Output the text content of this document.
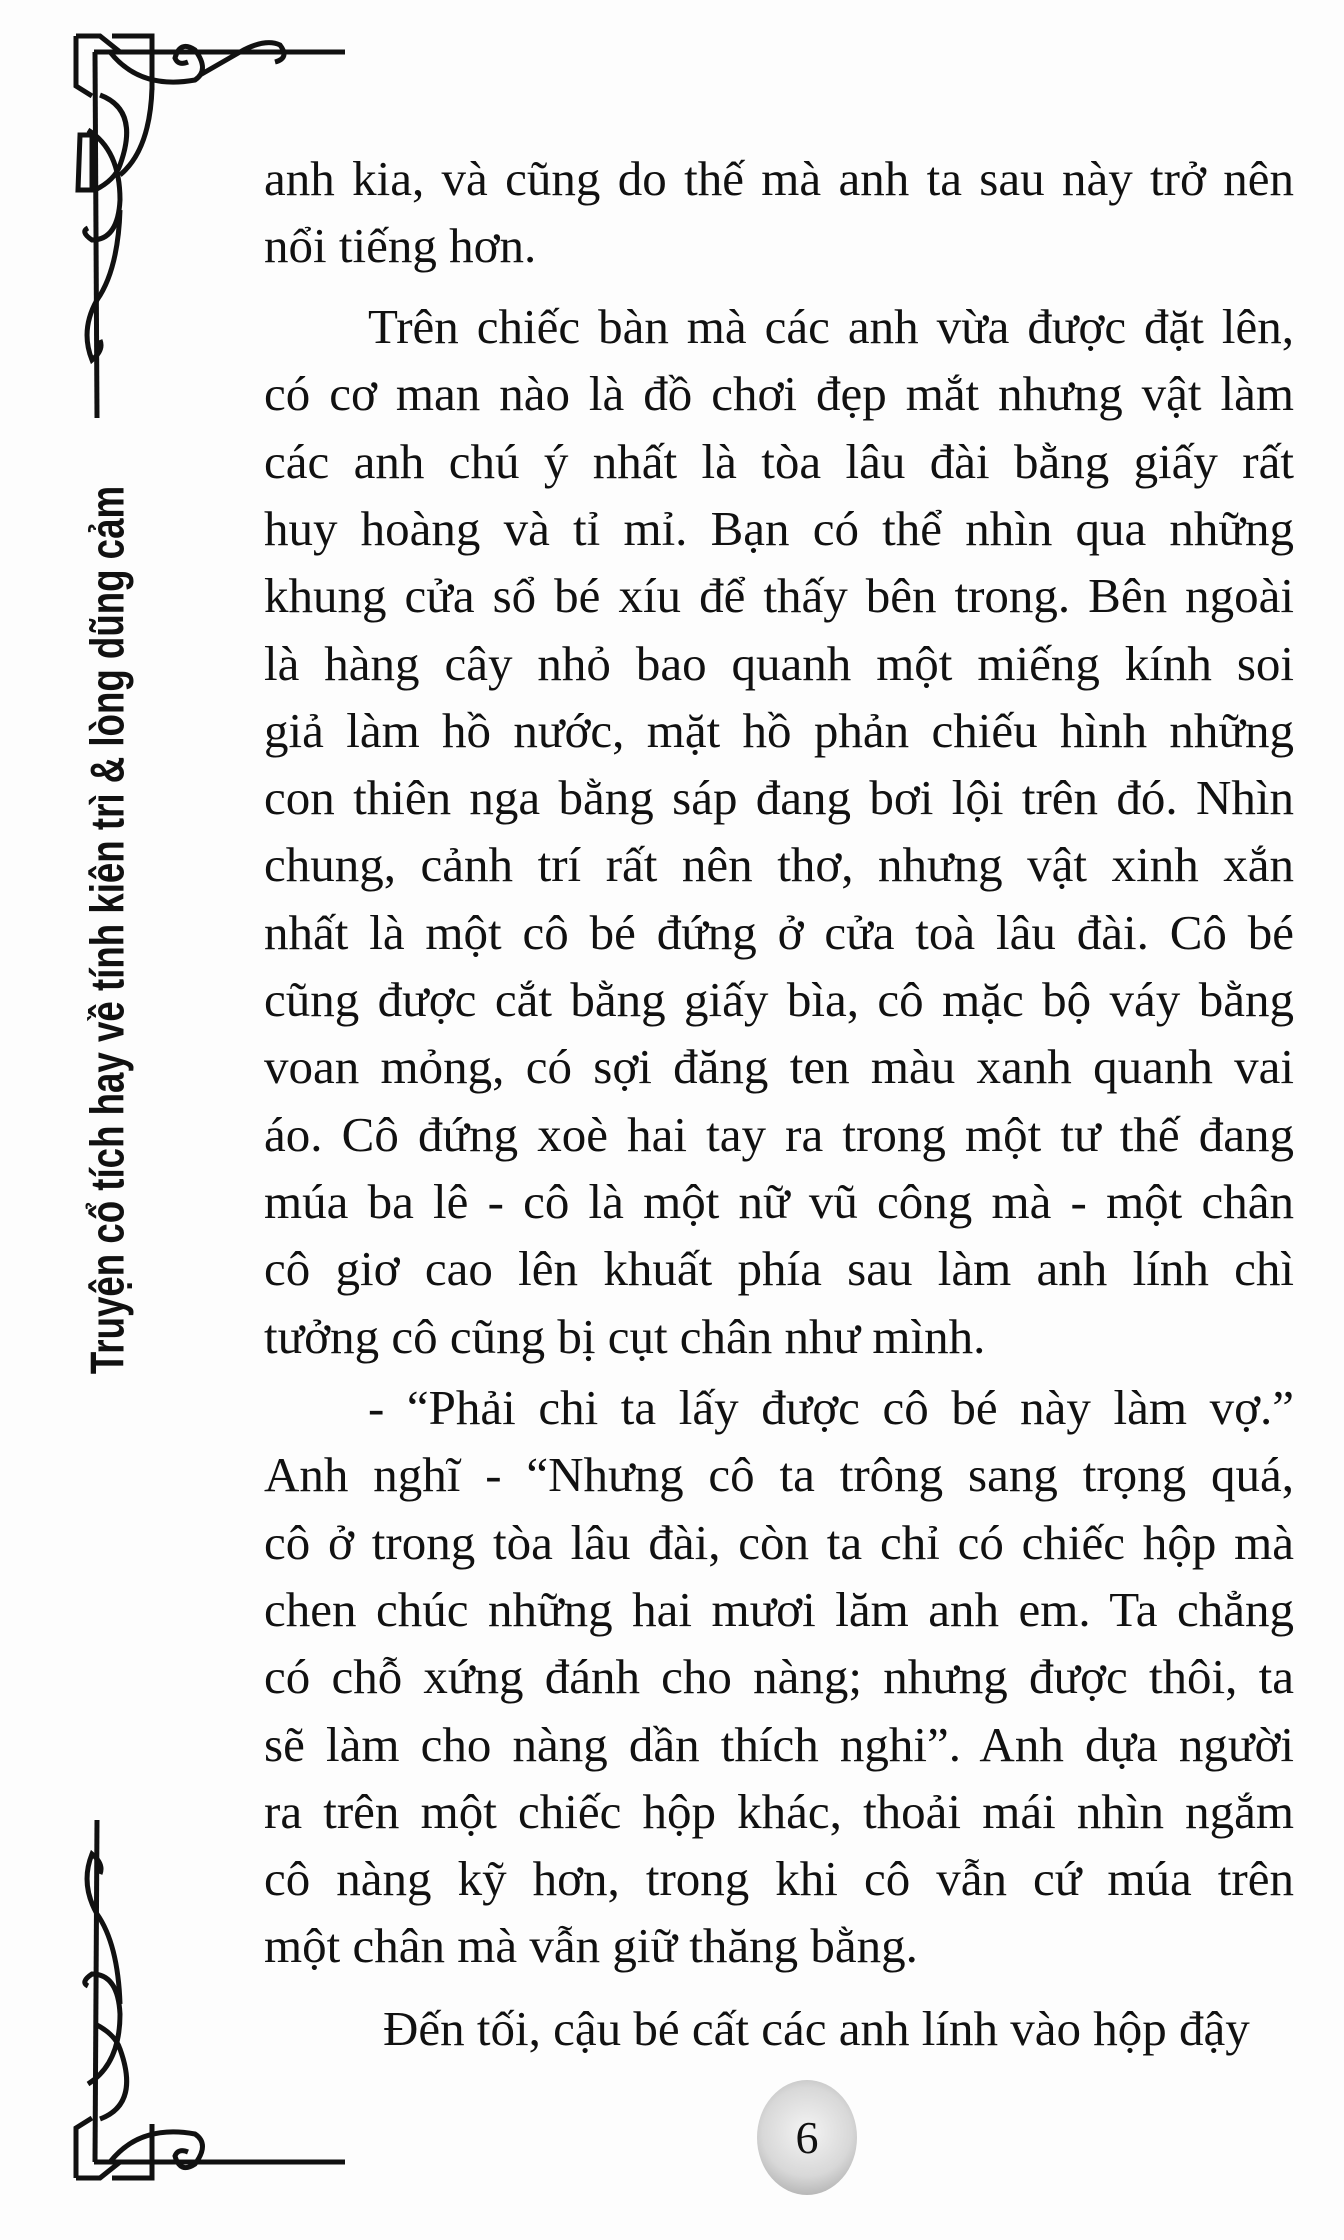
Truyện cổ tích hay về tính kiên trì & lòng dũng cảm
anh kia, và cũng do thế mà anh ta sau này trở nên
nổi tiếng hơn.
Trên chiếc bàn mà các anh vừa được đặt lên,
có cơ man nào là đồ chơi đẹp mắt nhưng vật làm
các anh chú ý nhất là tòa lâu đài bằng giấy rất
huy hoàng và tỉ mỉ. Bạn có thể nhìn qua những
khung cửa sổ bé xíu để thấy bên trong. Bên ngoài
là hàng cây nhỏ bao quanh một miếng kính soi
giả làm hồ nước, mặt hồ phản chiếu hình những
con thiên nga bằng sáp đang bơi lội trên đó. Nhìn
chung, cảnh trí rất nên thơ, nhưng vật xinh xắn
nhất là một cô bé đứng ở cửa toà lâu đài. Cô bé
cũng được cắt bằng giấy bìa, cô mặc bộ váy bằng
voan mỏng, có sợi đăng ten màu xanh quanh vai
áo. Cô đứng xoè hai tay ra trong một tư thế đang
múa ba lê - cô là một nữ vũ công mà - một chân
cô giơ cao lên khuất phía sau làm anh lính chì
tưởng cô cũng bị cụt chân như mình.
- “Phải chi ta lấy được cô bé này làm vợ.”
Anh nghĩ - “Nhưng cô ta trông sang trọng quá,
cô ở trong tòa lâu đài, còn ta chỉ có chiếc hộp mà
chen chúc những hai mươi lăm anh em. Ta chẳng
có chỗ xứng đánh cho nàng; nhưng được thôi, ta
sẽ làm cho nàng dần thích nghi”. Anh dựa người
ra trên một chiếc hộp khác, thoải mái nhìn ngắm
cô nàng kỹ hơn, trong khi cô vẫn cứ múa trên
một chân mà vẫn giữ thăng bằng.
Đến tối, cậu bé cất các anh lính vào hộp đậy
6
